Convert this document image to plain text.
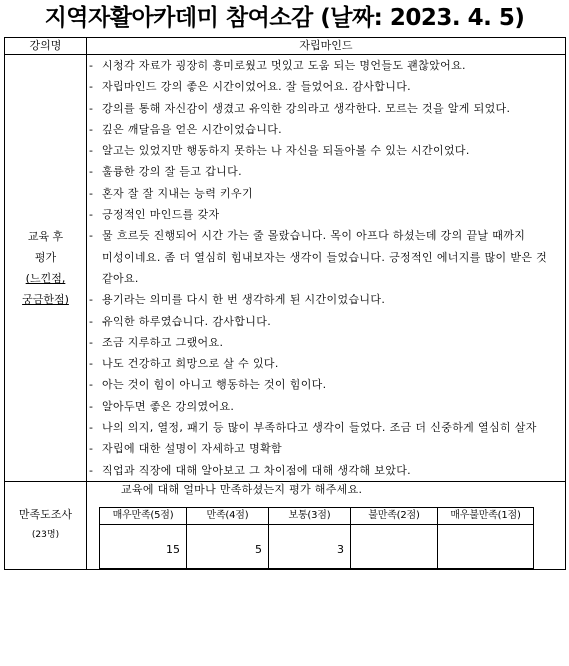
지역자활아카데미 참여소감 (날짜: 2023. 4. 5)
강의명	자립마인드

교육 후
평가
(느낀점,
궁금한점)

- 시청각 자료가 굉장히 흥미로웠고 멋있고 도움 되는 명언들도 괜찮았어요.
- 자립마인드 강의 좋은 시간이었어요. 잘 들었어요. 감사합니다.
- 강의를 통해 자신감이 생겼고 유익한 강의라고 생각한다. 모르는 것을 알게 되었다.
- 깊은 깨달음을 얻은 시간이었습니다.
- 알고는 있었지만 행동하지 못하는 나 자신을 되돌아볼 수 있는 시간이었다.
- 훌륭한 강의 잘 듣고 갑니다.
- 혼자 잘 잘 지내는 능력 키우기
- 긍정적인 마인드를 갖자
- 물 흐르듯 진행되어 시간 가는 줄 몰랐습니다. 목이 아프다 하셨는데 강의 끝날 때까지 미성이네요. 좀 더 열심히 힘내보자는 생각이 들었습니다. 긍정적인 에너지를 많이 받은 것 같아요.
- 용기라는 의미를 다시 한 번 생각하게 된 시간이었습니다.
- 유익한 하루였습니다. 감사합니다.
- 조금 지루하고 그랬어요.
- 나도 건강하고 희망으로 살 수 있다.
- 아는 것이 힘이 아니고 행동하는 것이 힘이다.
- 알아두면 좋은 강의였어요.
- 나의 의지, 열정, 패기 등 많이 부족하다고 생각이 들었다. 조금 더 신중하게 열심히 살자
- 자립에 대한 설명이 자세하고 명확함
- 직업과 직장에 대해 알아보고 그 차이점에 대해 생각해 보았다.

만족도조사
(23명)

교육에 대해 얼마나 만족하셨는지 평가 해주세요.
매우만족(5점)	만족(4점)	보통(3점)	불만족(2점)	매우불만족(1점)
15	5	3		
